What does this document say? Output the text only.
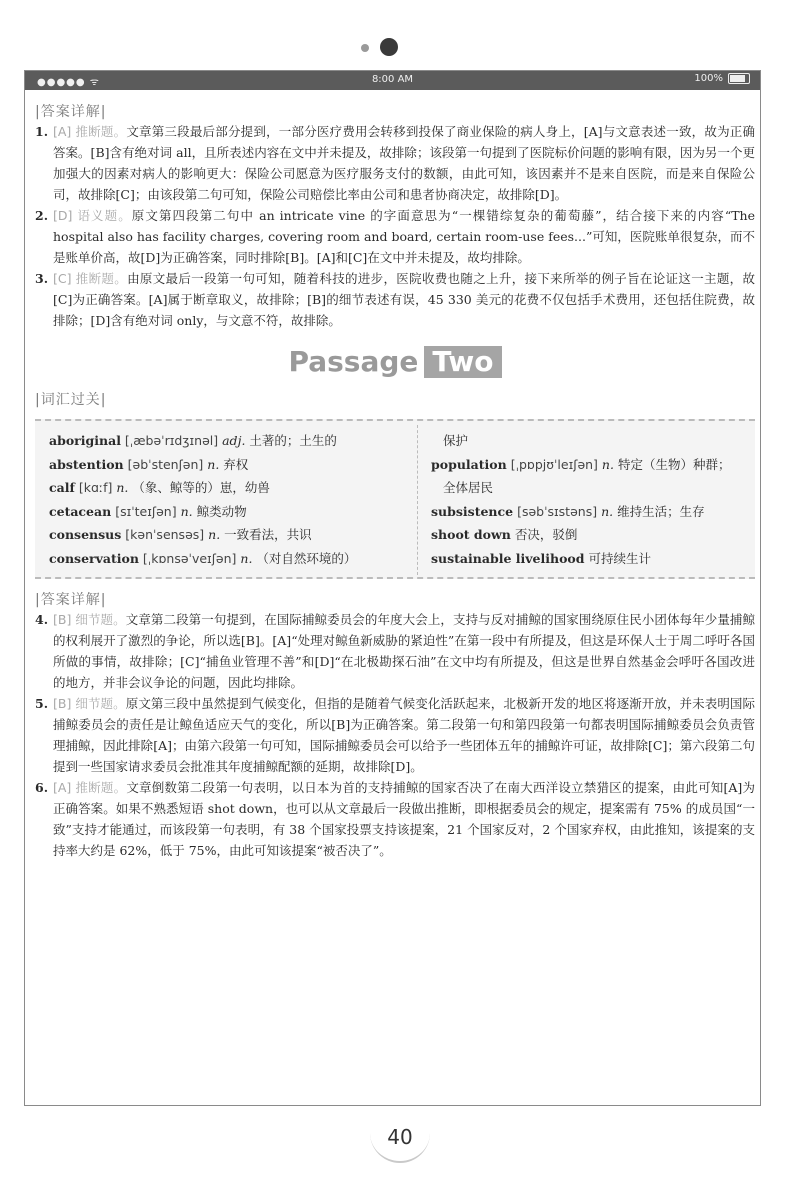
●●●●● ᯤ	8:00 AM	100%
|答案详解|
1. [A] 推断题。文章第三段最后部分提到，一部分医疗费用会转移到投保了商业保险的病人身上，[A]与文意表述一致，故为正确答案。[B]含有绝对词 all，且所表述内容在文中并未提及，故排除；该段第一句提到了医院标价问题的影响有限，因为另一个更加强大的因素对病人的影响更大：保险公司愿意为医疗服务支付的数额，由此可知，该因素并不是来自医院，而是来自保险公司，故排除[C]；由该段第二句可知，保险公司赔偿比率由公司和患者协商决定，故排除[D]。
2. [D] 语义题。原文第四段第二句中 an intricate vine 的字面意思为“一棵错综复杂的葡萄藤”，结合接下来的内容“The hospital also has facility charges, covering room and board, certain room-use fees...”可知，医院账单很复杂，而不是账单价高，故[D]为正确答案，同时排除[B]。[A]和[C]在文中并未提及，故均排除。
3. [C] 推断题。由原文最后一段第一句可知，随着科技的进步，医院收费也随之上升，接下来所举的例子旨在论证这一主题，故[C]为正确答案。[A]属于断章取义，故排除；[B]的细节表述有误，45 330 美元的花费不仅包括手术费用，还包括住院费，故排除；[D]含有绝对词 only，与文意不符，故排除。
Passage Two
|词汇过关|
aboriginal [ˌæbəˈrɪdʒɪnəl] adj. 土著的；土生的
abstention [əbˈstenʃən] n. 弃权
calf [kɑːf] n. （象、鲸等的）崽，幼兽
cetacean [sɪˈteɪʃən] n. 鲸类动物
consensus [kənˈsensəs] n. 一致看法，共识
conservation [ˌkɒnsəˈveɪʃən] n. （对自然环境的）
保护
population [ˌpɒpjʊˈleɪʃən] n. 特定（生物）种群；
全体居民
subsistence [səbˈsɪstəns] n. 维持生活；生存
shoot down 否决，驳倒
sustainable livelihood 可持续生计
|答案详解|
4. [B] 细节题。文章第二段第一句提到，在国际捕鲸委员会的年度大会上，支持与反对捕鲸的国家围绕原住民小团体每年少量捕鲸的权利展开了激烈的争论，所以选[B]。[A]“处理对鲸鱼新威胁的紧迫性”在第一段中有所提及，但这是环保人士于周二呼吁各国所做的事情，故排除；[C]“捕鱼业管理不善”和[D]“在北极勘探石油”在文中均有所提及，但这是世界自然基金会呼吁各国改进的地方，并非会议争论的问题，因此均排除。
5. [B] 细节题。原文第三段中虽然提到气候变化，但指的是随着气候变化活跃起来，北极新开发的地区将逐渐开放，并未表明国际捕鲸委员会的责任是让鲸鱼适应天气的变化，所以[B]为正确答案。第二段第一句和第四段第一句都表明国际捕鲸委员会负责管理捕鲸，因此排除[A]；由第六段第一句可知，国际捕鲸委员会可以给予一些团体五年的捕鲸许可证，故排除[C]；第六段第二句提到一些国家请求委员会批准其年度捕鲸配额的延期，故排除[D]。
6. [A] 推断题。文章倒数第二段第一句表明，以日本为首的支持捕鲸的国家否决了在南大西洋设立禁猎区的提案，由此可知[A]为正确答案。如果不熟悉短语 shot down，也可以从文章最后一段做出推断，即根据委员会的规定，提案需有 75% 的成员国“一致”支持才能通过，而该段第一句表明，有 38 个国家投票支持该提案，21 个国家反对，2 个国家弃权，由此推知，该提案的支持率大约是 62%，低于 75%，由此可知该提案“被否决了”。
40
